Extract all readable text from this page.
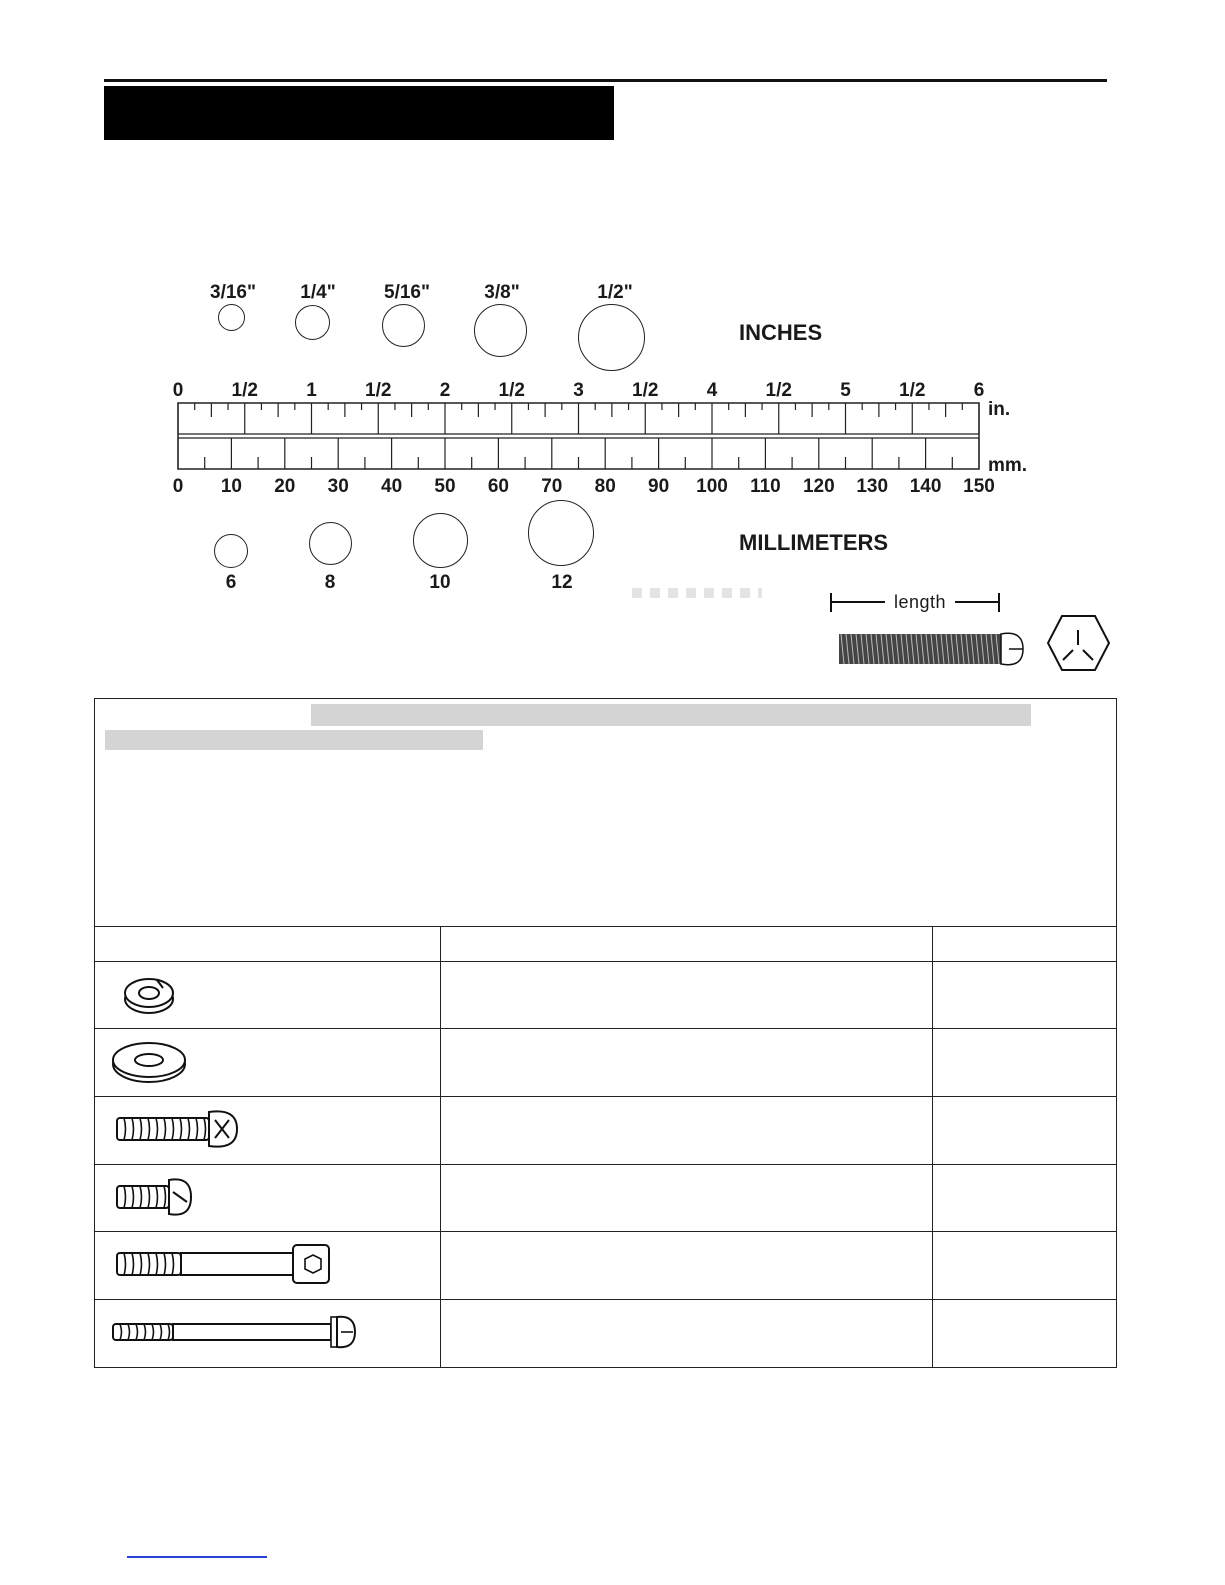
3/16"	1/4"	5/16"	3/8"	1/2"
INCHES
0	1/2	1	1/2	2	1/2	3	1/2	4	1/2	5	1/2	6
0 10 20 30 40 50 60 70 80 90 100 110 120 130 140 150
in.
mm.
6	8	10	12
MILLIMETERS
length
